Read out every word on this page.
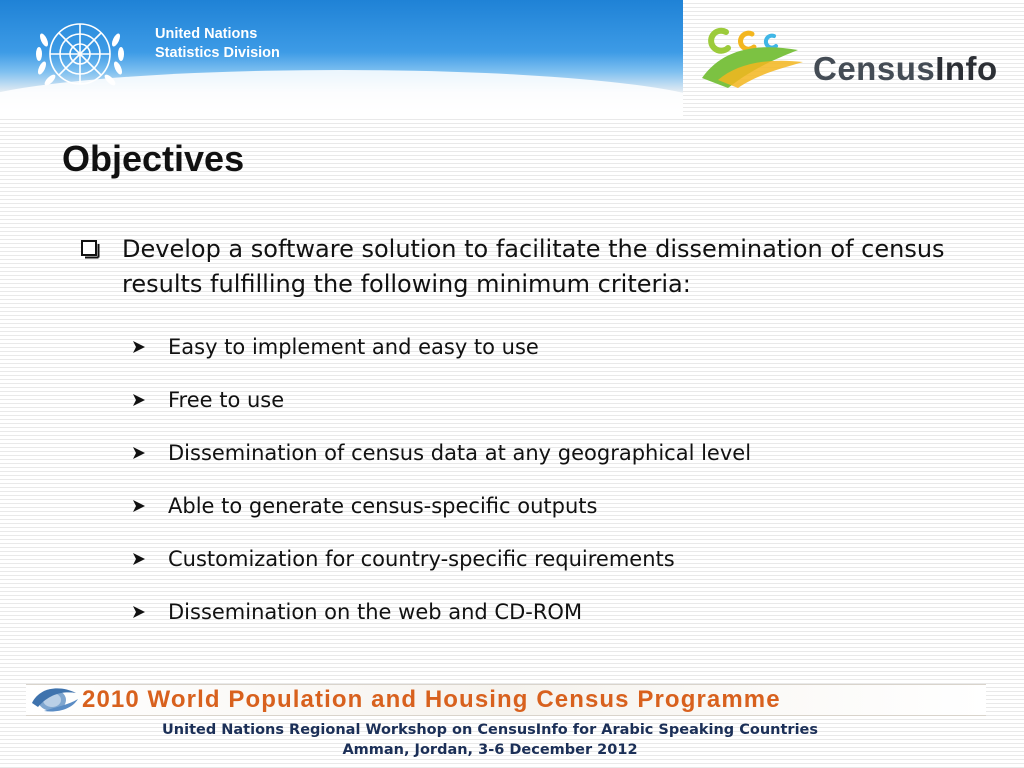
United Nations
Statistics Division	CensusInfo
Objectives
Develop a software solution to facilitate the dissemination of census results fulfilling the following minimum criteria:
Easy to implement and easy to use
Free to use
Dissemination of census data at any geographical level
Able to generate census-specific outputs
Customization for country-specific requirements
Dissemination on the web and CD-ROM
2010 World Population and Housing Census Programme
United Nations Regional Workshop on CensusInfo for Arabic Speaking Countries
Amman, Jordan, 3-6 December 2012
